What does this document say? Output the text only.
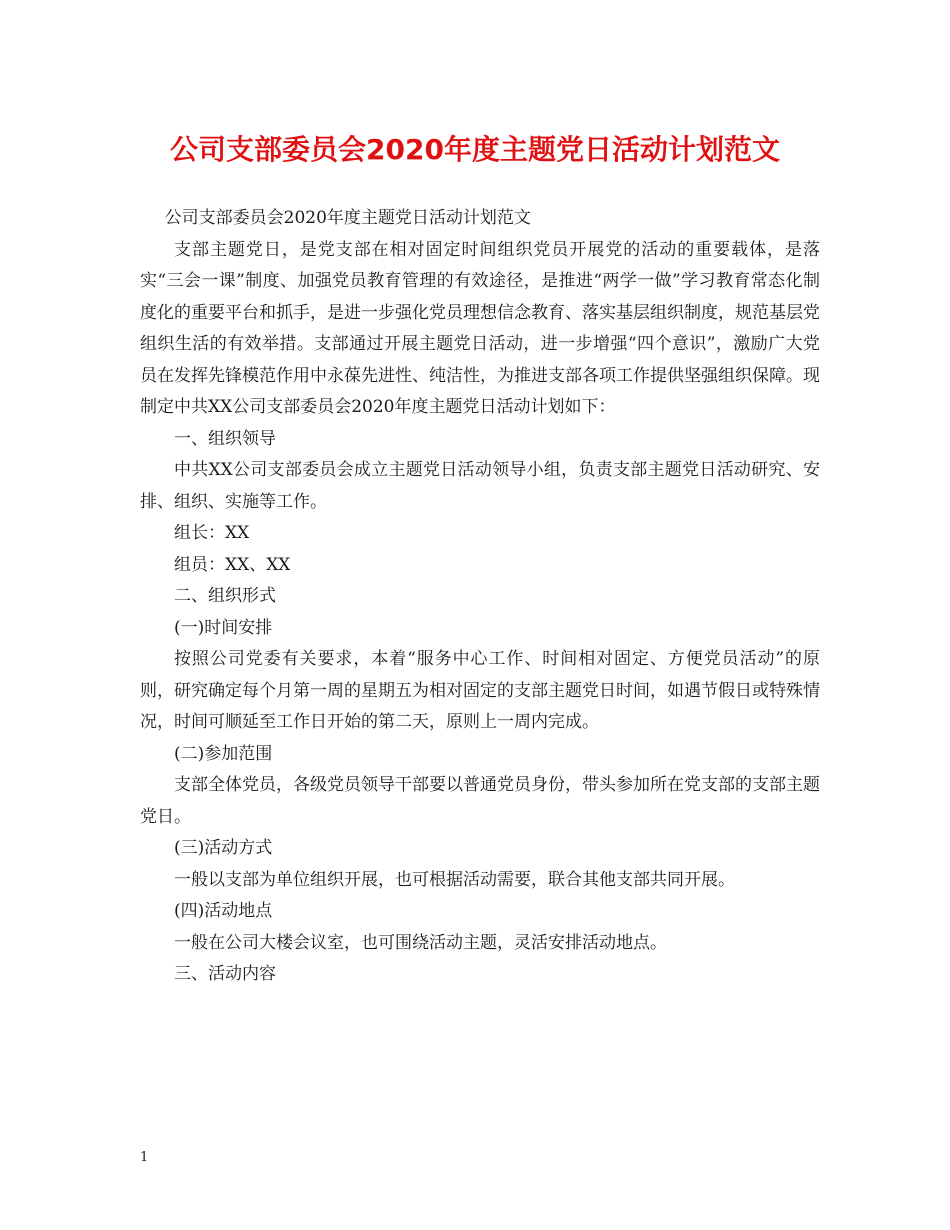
公司支部委员会2020年度主题党日活动计划范文

公司支部委员会2020年度主题党日活动计划范文

支部主题党日，是党支部在相对固定时间组织党员开展党的活动的重要载体，是落实“三会一课”制度、加强党员教育管理的有效途径，是推进“两学一做”学习教育常态化制度化的重要平台和抓手，是进一步强化党员理想信念教育、落实基层组织制度，规范基层党组织生活的有效举措。支部通过开展主题党日活动，进一步增强“四个意识”，激励广大党员在发挥先锋模范作用中永葆先进性、纯洁性，为推进支部各项工作提供坚强组织保障。现制定中共XX公司支部委员会2020年度主题党日活动计划如下：

一、组织领导

中共XX公司支部委员会成立主题党日活动领导小组，负责支部主题党日活动研究、安排、组织、实施等工作。

组长：XX

组员：XX、XX

二、组织形式

(一)时间安排

按照公司党委有关要求，本着“服务中心工作、时间相对固定、方便党员活动”的原则，研究确定每个月第一周的星期五为相对固定的支部主题党日时间，如遇节假日或特殊情况，时间可顺延至工作日开始的第二天，原则上一周内完成。

(二)参加范围

支部全体党员，各级党员领导干部要以普通党员身份，带头参加所在党支部的支部主题党日。

(三)活动方式

一般以支部为单位组织开展，也可根据活动需要，联合其他支部共同开展。

(四)活动地点

一般在公司大楼会议室，也可围绕活动主题，灵活安排活动地点。

三、活动内容

1
